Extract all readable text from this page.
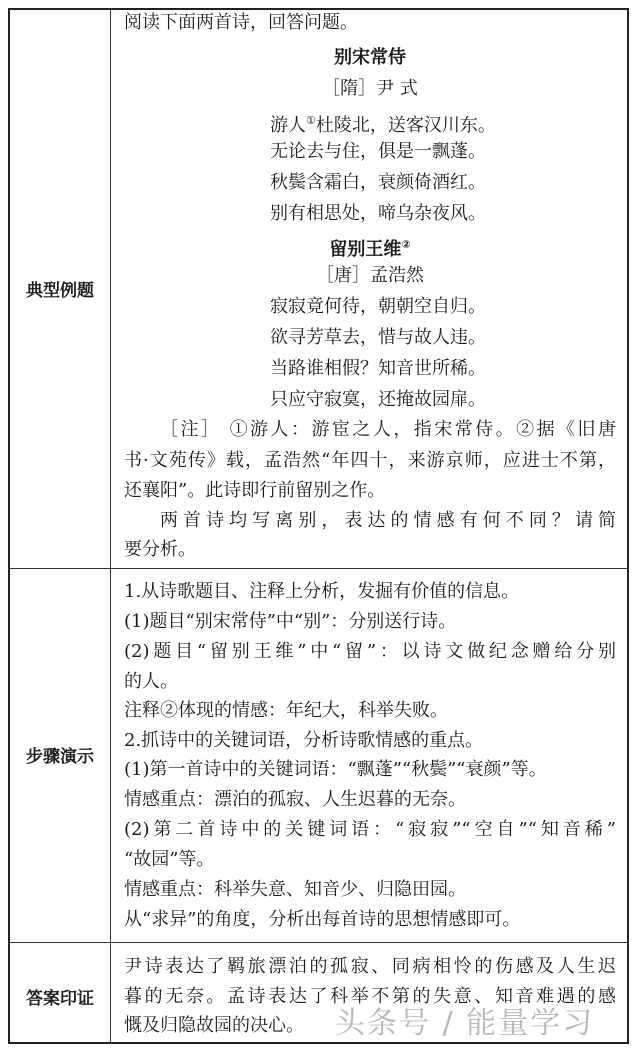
典型例题
步骤演示
答案印证
阅读下面两首诗，回答问题。
别宋常侍
［隋］尹 式
游人①杜陵北，送客汉川东。
无论去与住，俱是一飘蓬。
秋鬓含霜白，衰颜倚酒红。
别有相思处，啼乌杂夜风。
留别王维②
［唐］孟浩然
寂寂竟何待，朝朝空自归。
欲寻芳草去，惜与故人违。
当路谁相假？知音世所稀。
只应守寂寞，还掩故园扉。
［注］ ①游人：游宦之人，指宋常侍。②据《旧唐
书·文苑传》载，孟浩然“年四十，来游京师，应进士不第，
还襄阳”。此诗即行前留别之作。
两首诗均写离别，表达的情感有何不同？请简
要分析。
1.从诗歌题目、注释上分析，发掘有价值的信息。
(1)题目“别宋常侍”中“别”：分别送行诗。
(2)题目“留别王维”中“留”：以诗文做纪念赠给分别
的人。
注释②体现的情感：年纪大，科举失败。
2.抓诗中的关键词语，分析诗歌情感的重点。
(1)第一首诗中的关键词语：“飘蓬”“秋鬓”“衰颜”等。
情感重点：漂泊的孤寂、人生迟暮的无奈。
(2)第二首诗中的关键词语：“寂寂”“空自”“知音稀”
“故园”等。
情感重点：科举失意、知音少、归隐田园。
从“求异”的角度，分析出每首诗的思想情感即可。
尹诗表达了羁旅漂泊的孤寂、同病相怜的伤感及人生迟
暮的无奈。孟诗表达了科举不第的失意、知音难遇的感
慨及归隐故园的决心。	头条号 / 能量学习
